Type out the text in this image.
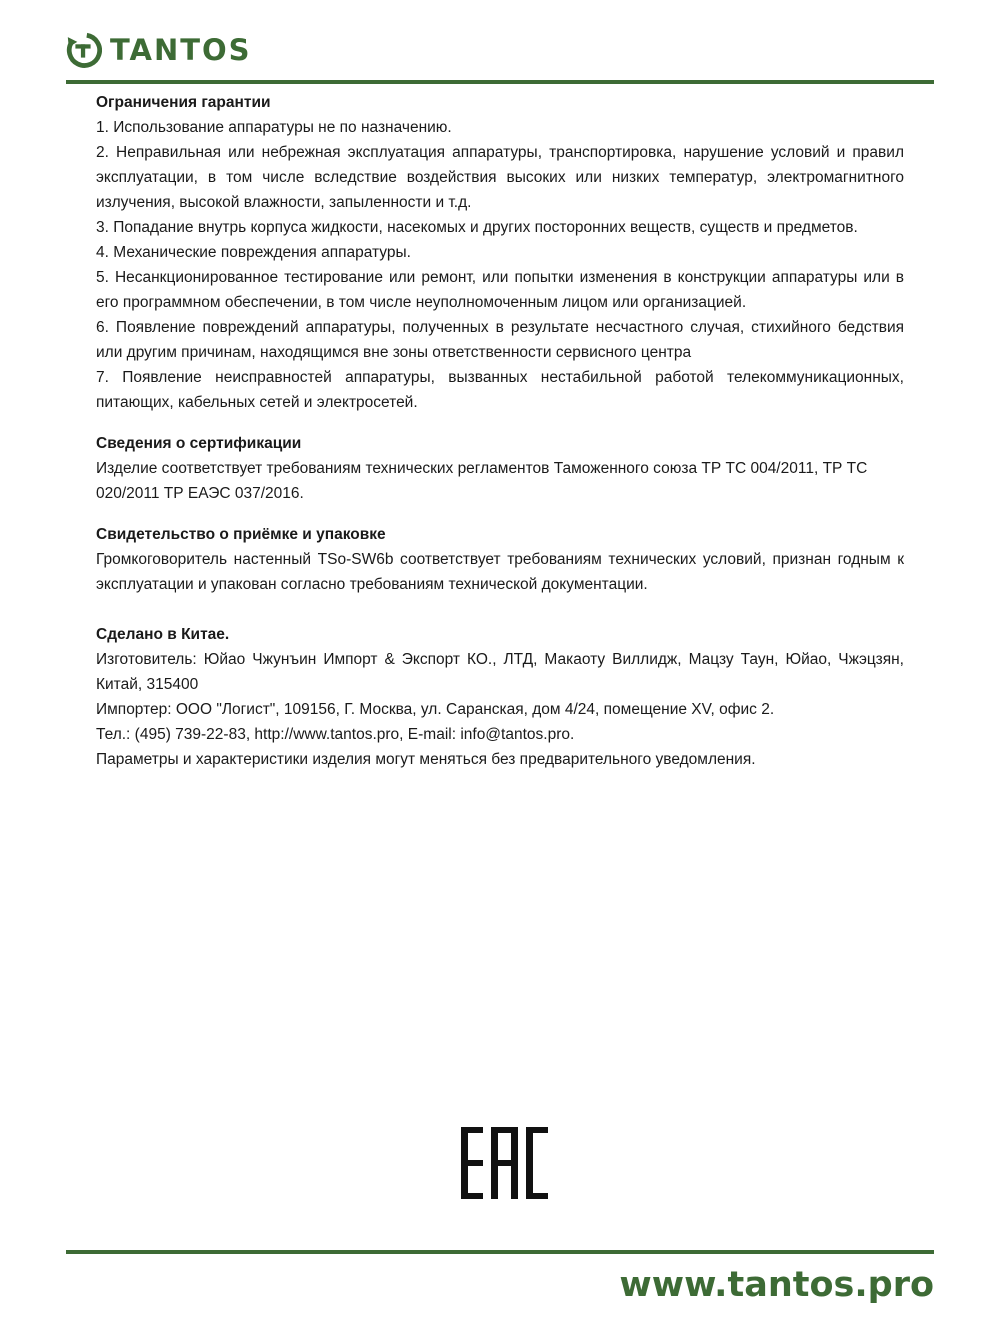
TANTOS

Ограничения гарантии

1. Использование аппаратуры не по назначению.

2. Неправильная или небрежная эксплуатация аппаратуры, транспортировка, нарушение условий и правил эксплуатации, в том числе вследствие воздействия высоких или низких температур, электромагнитного излучения, высокой влажности, запыленности и т.д.

3. Попадание внутрь корпуса жидкости, насекомых и других посторонних веществ, существ и предметов.

4. Механические повреждения аппаратуры.

5. Несанкционированное тестирование или ремонт, или попытки изменения в конструкции аппаратуры или в его программном обеспечении, в том числе неуполномоченным лицом или организацией.

6. Появление повреждений аппаратуры, полученных в результате несчастного случая, стихийного бедствия или другим причинам, находящимся вне зоны ответственности сервисного центра

7. Появление неисправностей аппаратуры, вызванных нестабильной работой телекоммуникационных, питающих, кабельных сетей и электросетей.

Сведения о сертификации

Изделие соответствует требованиям технических регламентов Таможенного союза ТР ТС 004/2011, ТР ТС 020/2011 ТР ЕАЭС 037/2016.

Свидетельство о приёмке и упаковке

Громкоговоритель настенный TSo-SW6b соответствует требованиям технических условий, признан годным к эксплуатации и упакован согласно требованиям технической документации.

Сделано в Китае.

Изготовитель: Юйао Чжунъин Импорт & Экспорт КО., ЛТД, Макаоту Виллидж, Мацзу Таун, Юйао, Чжэцзян, Китай, 315400

Импортер: ООО "Логист", 109156, Г. Москва, ул. Саранская, дом 4/24, помещение XV, офис 2.

Тел.: (495) 739-22-83, http://www.tantos.pro, E-mail: info@tantos.pro.

Параметры и характеристики изделия могут меняться без предварительного уведомления.

www.tantos.pro
